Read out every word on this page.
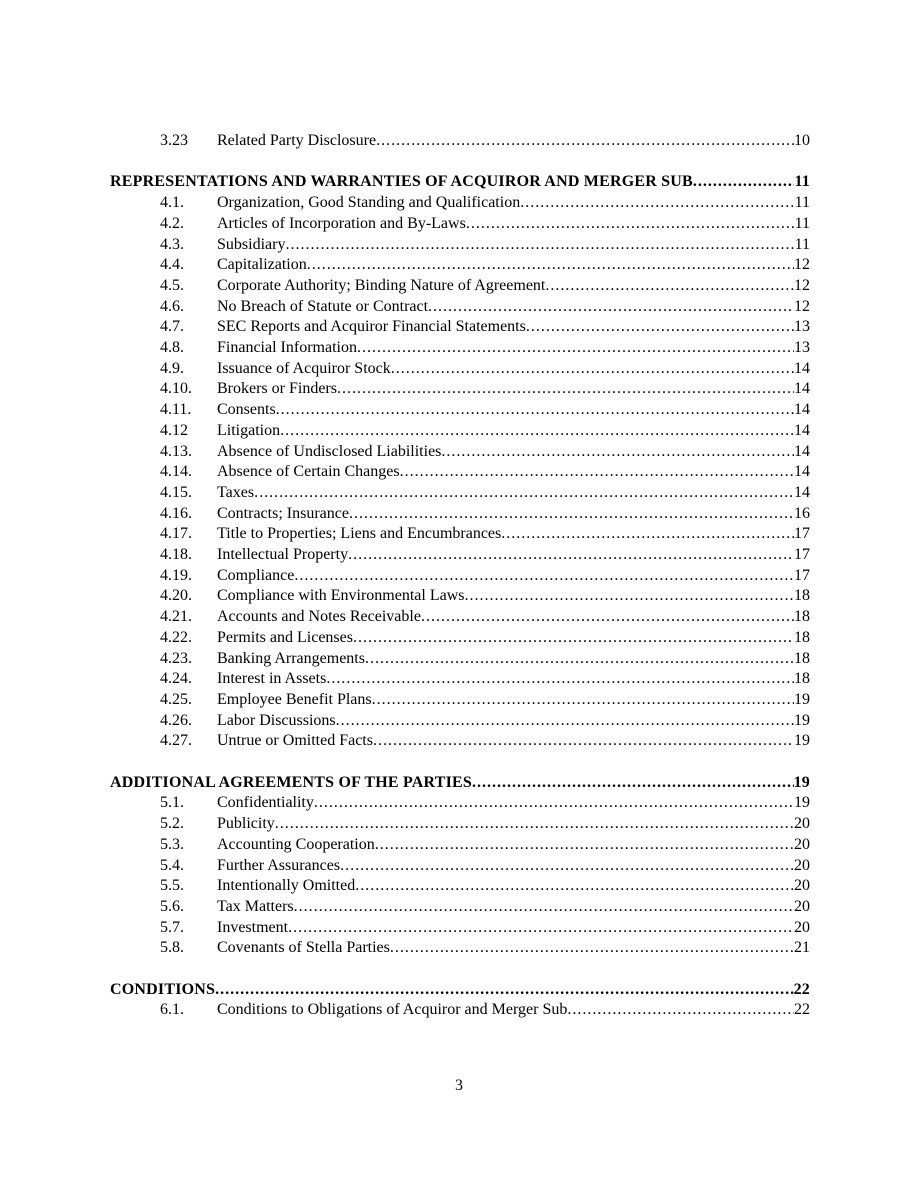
3.23	Related Party Disclosure .....	10
REPRESENTATIONS AND WARRANTIES OF ACQUIROR AND MERGER SUB .....	11
4.1.	Organization, Good Standing and Qualification .....	11
4.2.	Articles of Incorporation and By-Laws .....	11
4.3.	Subsidiary .....	11
4.4.	Capitalization .....	12
4.5.	Corporate Authority; Binding Nature of Agreement .....	12
4.6.	No Breach of Statute or Contract .....	12
4.7.	SEC Reports and Acquiror Financial Statements .....	13
4.8.	Financial Information .....	13
4.9.	Issuance of Acquiror Stock .....	14
4.10.	Brokers or Finders .....	14
4.11.	Consents .....	14
4.12	Litigation .....	14
4.13.	Absence of Undisclosed Liabilities .....	14
4.14.	Absence of Certain Changes .....	14
4.15.	Taxes .....	14
4.16.	Contracts; Insurance .....	16
4.17.	Title to Properties; Liens and Encumbrances .....	17
4.18.	Intellectual Property .....	17
4.19.	Compliance .....	17
4.20.	Compliance with Environmental Laws .....	18
4.21.	Accounts and Notes Receivable .....	18
4.22.	Permits and Licenses .....	18
4.23.	Banking Arrangements .....	18
4.24.	Interest in Assets .....	18
4.25.	Employee Benefit Plans .....	19
4.26.	Labor Discussions .....	19
4.27.	Untrue or Omitted Facts .....	19
ADDITIONAL AGREEMENTS OF THE PARTIES .....	19
5.1.	Confidentiality .....	19
5.2.	Publicity .....	20
5.3.	Accounting Cooperation .....	20
5.4.	Further Assurances .....	20
5.5.	Intentionally Omitted .....	20
5.6.	Tax Matters .....	20
5.7.	Investment .....	20
5.8.	Covenants of Stella Parties .....	21
CONDITIONS .....	22
6.1.	Conditions to Obligations of Acquiror and Merger Sub .....	22
3
